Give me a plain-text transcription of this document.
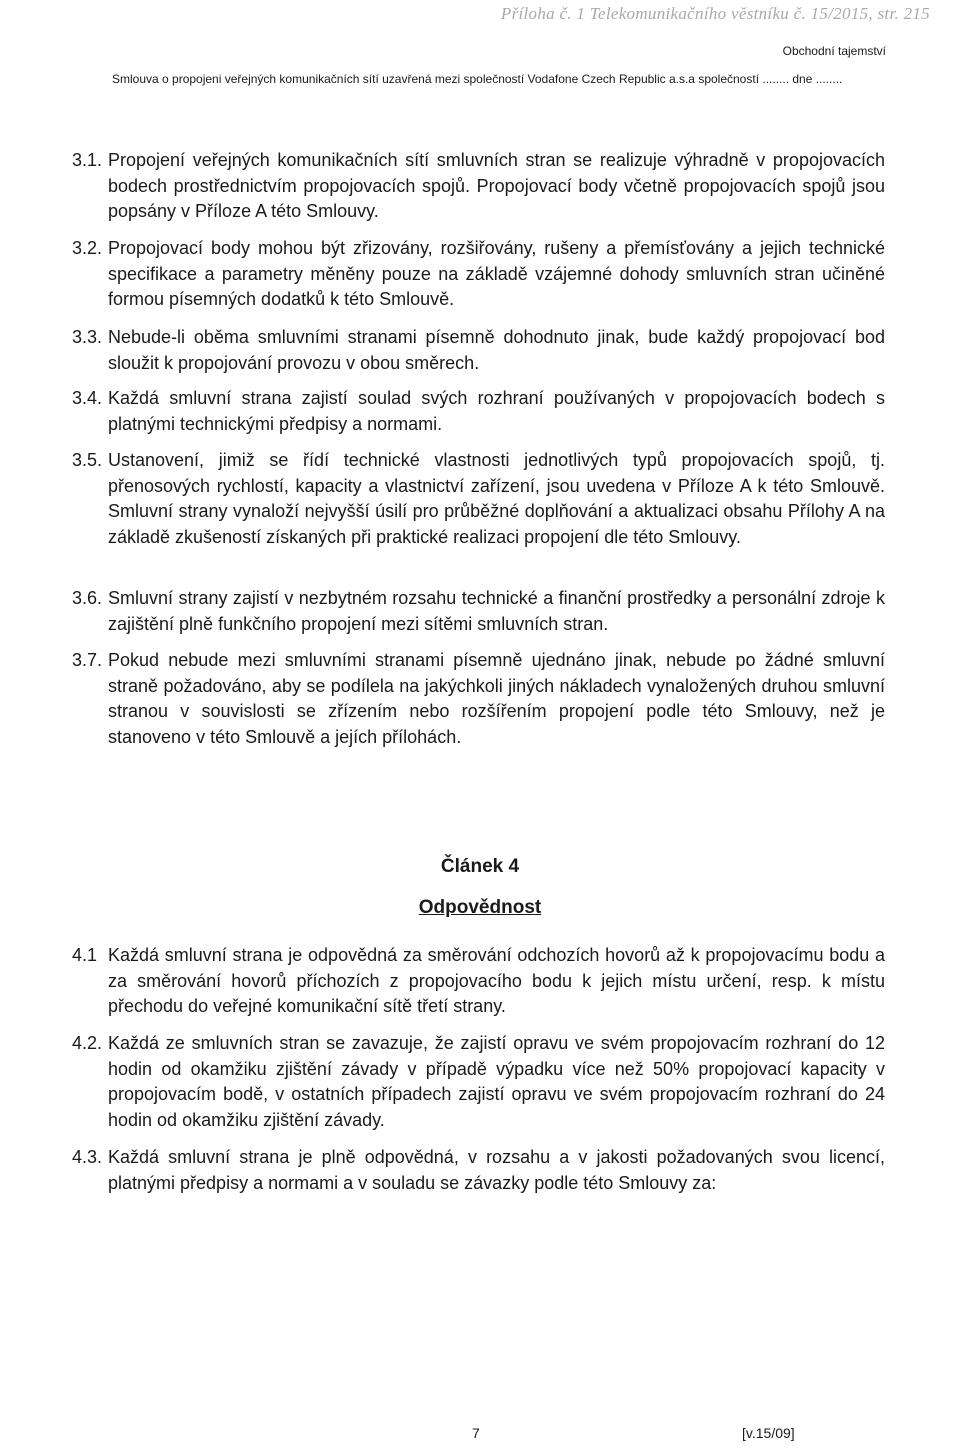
Příloha č. 1 Telekomunikačního věstníku č. 15/2015, str. 215
Obchodní tajemství
Smlouva o propojeni veřejných komunikačních sítí uzavřená mezi společností Vodafone Czech Republic a.s.a společností ........ dne ........
3.1. Propojení veřejných komunikačních sítí smluvních stran se realizuje výhradně v propojovacích bodech prostřednictvím propojovacích spojů. Propojovací body včetně propojovacích spojů jsou popsány v Příloze A této Smlouvy.
3.2. Propojovací body mohou být zřizovány, rozšiřovány, rušeny a přemísťovány a jejich technické specifikace a parametry měněny pouze na základě vzájemné dohody smluvních stran učiněné formou písemných dodatků k této Smlouvě.
3.3. Nebude-li oběma smluvními stranami písemně dohodnuto jinak, bude každý propojovací bod sloužit k propojování provozu v obou směrech.
3.4. Každá smluvní strana zajistí soulad svých rozhraní používaných v propojovacích bodech s platnými technickými předpisy a normami.
3.5. Ustanovení, jimiž se řídí technické vlastnosti jednotlivých typů propojovacích spojů, tj. přenosových rychlostí, kapacity a vlastnictví zařízení, jsou uvedena v Příloze A k této Smlouvě. Smluvní strany vynaloží nejvyšší úsilí pro průběžné doplňování a aktualizaci obsahu Přílohy A na základě zkušeností získaných při praktické realizaci propojení dle této Smlouvy.
3.6. Smluvní strany zajistí v nezbytném rozsahu technické a finanční prostředky a personální zdroje k zajištění plně funkčního propojení mezi sítěmi smluvních stran.
3.7. Pokud nebude mezi smluvními stranami písemně ujednáno jinak, nebude po žádné smluvní straně požadováno, aby se podílela na jakýchkoli jiných nákladech vynaložených druhou smluvní stranou v souvislosti se zřízením nebo rozšířením propojení podle této Smlouvy, než je stanoveno v této Smlouvě a jejích přílohách.
Článek 4
Odpovědnost
4.1 Každá smluvní strana je odpovědná za směrování odchozích hovorů až k propojovacímu bodu a za směrování hovorů příchozích z propojovacího bodu k jejich místu určení, resp. k místu přechodu do veřejné komunikační sítě třetí strany.
4.2. Každá ze smluvních stran se zavazuje, že zajistí opravu ve svém propojovacím rozhraní do 12 hodin od okamžiku zjištění závady v případě výpadku více než 50% propojovací kapacity v propojovacím bodě, v ostatních případech zajistí opravu ve svém propojovacím rozhraní do 24 hodin od okamžiku zjištění závady.
4.3. Každá smluvní strana je plně odpovědná, v rozsahu a v jakosti požadovaných svou licencí, platnými předpisy a normami a v souladu se závazky podle této Smlouvy za:
7	[v.15/09]
